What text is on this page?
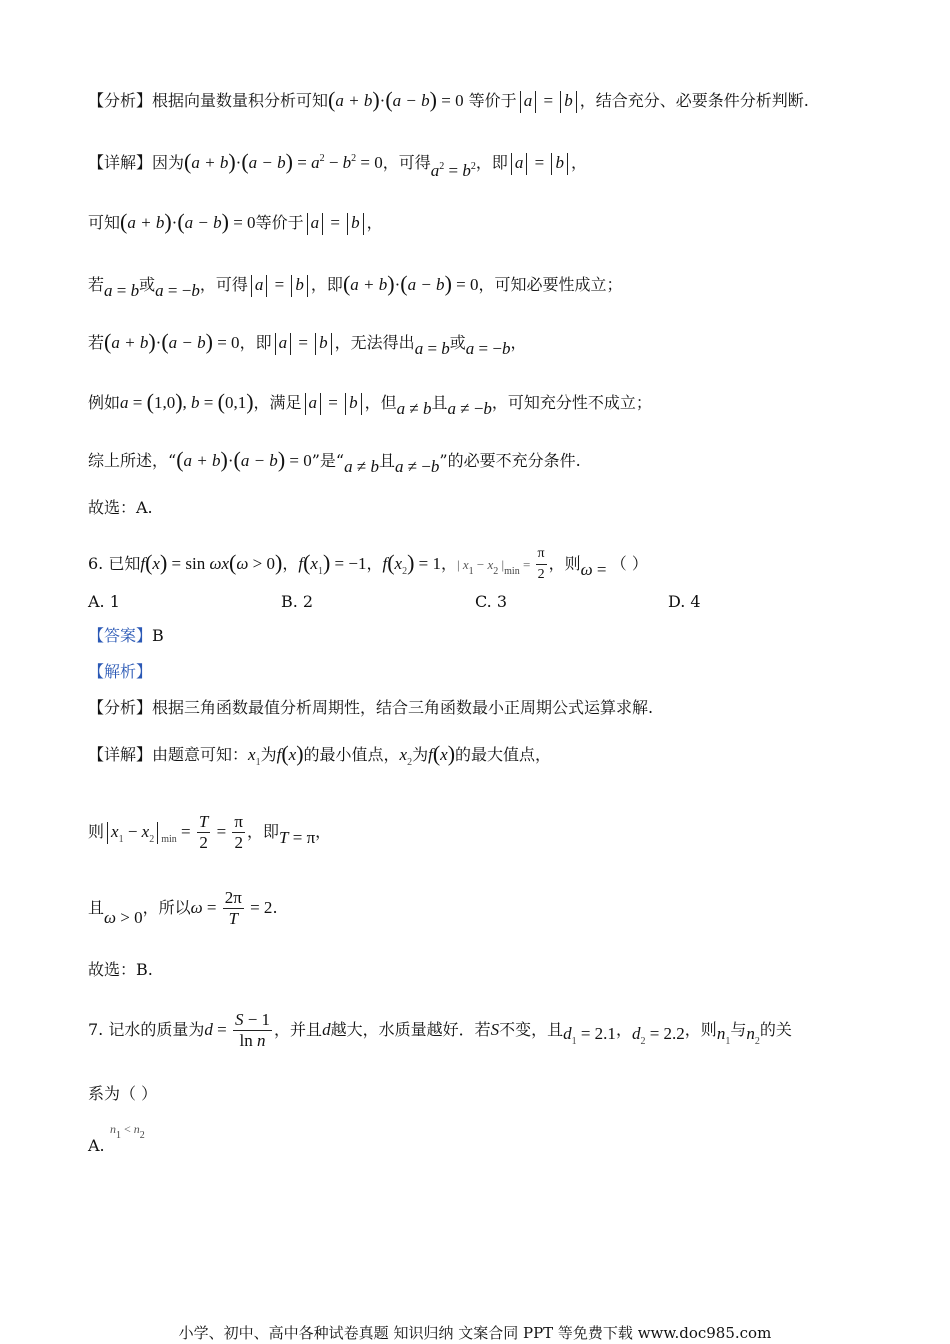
【分析】根据向量数量积分析可知(a + b)·(a − b) = 0 等价于 a = b ，结合充分、必要条件分析判断.
【详解】因为$(a + b)\cdot(a - b) = a^2 - b^2 = 0$，可得$a^2 = b^2$，即 a = b ，
可知(a + b)·(a − b) = 0等价于 a = b ，
若a = b或a = −b，可得 a = b ，即(a + b)·(a − b) = 0，可知必要性成立；
若(a + b)·(a − b) = 0，即 a = b ，无法得出a = b或a = −b，
例如a = (1,0), b = (0,1)，满足 a = b ，但a ≠ b且a ≠ −b，可知充分性不成立；
综上所述，“(a + b)·(a − b) = 0”是“a ≠ b且a ≠ −b”的必要不充分条件.
故选：A.
6. 已知f(x) = sin ωx(ω > 0)，$f(x_1) = -1$，$f(x_2) = 1$，| $x_1 - x_2$ $|_{min} = \frac{\pi}{2}$ ，则ω = （ ）
A. 1	B. 2	C. 3	D. 4
【答案】B
【解析】
【分析】根据三角函数最值分析周期性，结合三角函数最小正周期公式运算求解.
【详解】由题意可知：$x_1$为f(x)的最小值点，$x_2$为f(x)的最大值点，
则 $x_1 - x_2$ $_{min} = \frac{T}{2} = \frac{\pi}{2}$ ，即T = π，
且ω > 0，所以$\omega = \frac{2\pi}{T} = 2$.
故选：B.
7. 记水的质量为$d = \frac{S - 1}{\text{ln n}}$ ，并且d越大，水质量越好．若S不变，且$d_1 = 2.1$，$d_2 = 2.2$，则$n_1$与$n_2$的关
系为（ ）
$n_1 < n_2$
A.
小学、初中、高中各种试卷真题 知识归纳 文案合同 PPT 等免费下载 www.doc985.com
